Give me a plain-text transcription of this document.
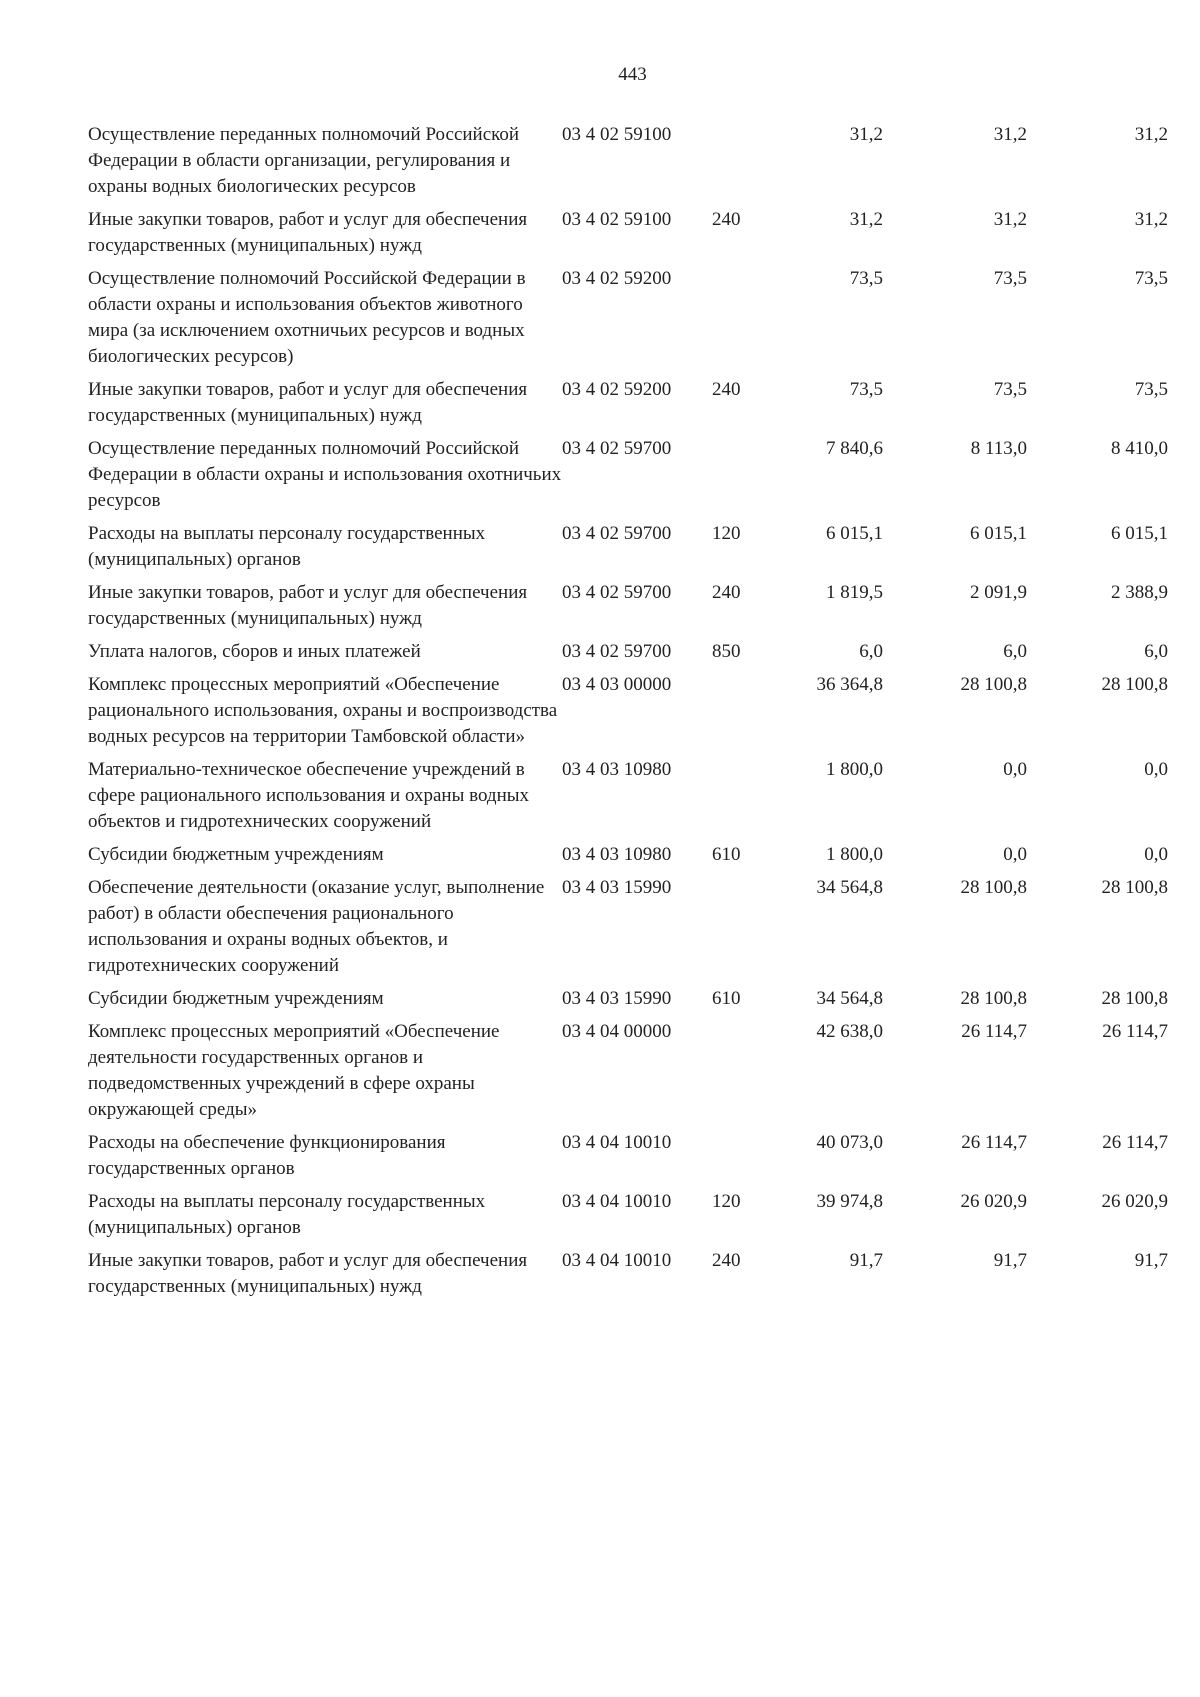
443
Осуществление переданных полномочий Российской Федерации в области организации, регулирования и охраны водных биологических ресурсов	03 4 02 59100		31,2	31,2	31,2
Иные закупки товаров, работ и услуг для обеспечения государственных (муниципальных) нужд	03 4 02 59100	240	31,2	31,2	31,2
Осуществление полномочий Российской Федерации в области охраны и использования объектов животного мира (за исключением охотничьих ресурсов и водных биологических ресурсов)	03 4 02 59200		73,5	73,5	73,5
Иные закупки товаров, работ и услуг для обеспечения государственных (муниципальных) нужд	03 4 02 59200	240	73,5	73,5	73,5
Осуществление переданных полномочий Российской Федерации в области охраны и использования охотничьих ресурсов	03 4 02 59700		7 840,6	8 113,0	8 410,0
Расходы на выплаты персоналу государственных (муниципальных) органов	03 4 02 59700	120	6 015,1	6 015,1	6 015,1
Иные закупки товаров, работ и услуг для обеспечения государственных (муниципальных) нужд	03 4 02 59700	240	1 819,5	2 091,9	2 388,9
Уплата налогов, сборов и иных платежей	03 4 02 59700	850	6,0	6,0	6,0
Комплекс процессных мероприятий «Обеспечение рационального использования, охраны и воспроизводства водных ресурсов на территории Тамбовской области»	03 4 03 00000		36 364,8	28 100,8	28 100,8
Материально-техническое обеспечение учреждений в сфере рационального использования и охраны водных объектов и гидротехнических сооружений	03 4 03 10980		1 800,0	0,0	0,0
Субсидии бюджетным учреждениям	03 4 03 10980	610	1 800,0	0,0	0,0
Обеспечение деятельности (оказание услуг, выполнение работ) в области обеспечения рационального использования и охраны водных объектов, и гидротехнических сооружений	03 4 03 15990		34 564,8	28 100,8	28 100,8
Субсидии бюджетным учреждениям	03 4 03 15990	610	34 564,8	28 100,8	28 100,8
Комплекс процессных мероприятий «Обеспечение деятельности государственных органов и подведомственных учреждений в сфере охраны окружающей среды»	03 4 04 00000		42 638,0	26 114,7	26 114,7
Расходы на обеспечение функционирования государственных органов	03 4 04 10010		40 073,0	26 114,7	26 114,7
Расходы на выплаты персоналу государственных (муниципальных) органов	03 4 04 10010	120	39 974,8	26 020,9	26 020,9
Иные закупки товаров, работ и услуг для обеспечения государственных (муниципальных) нужд	03 4 04 10010	240	91,7	91,7	91,7
